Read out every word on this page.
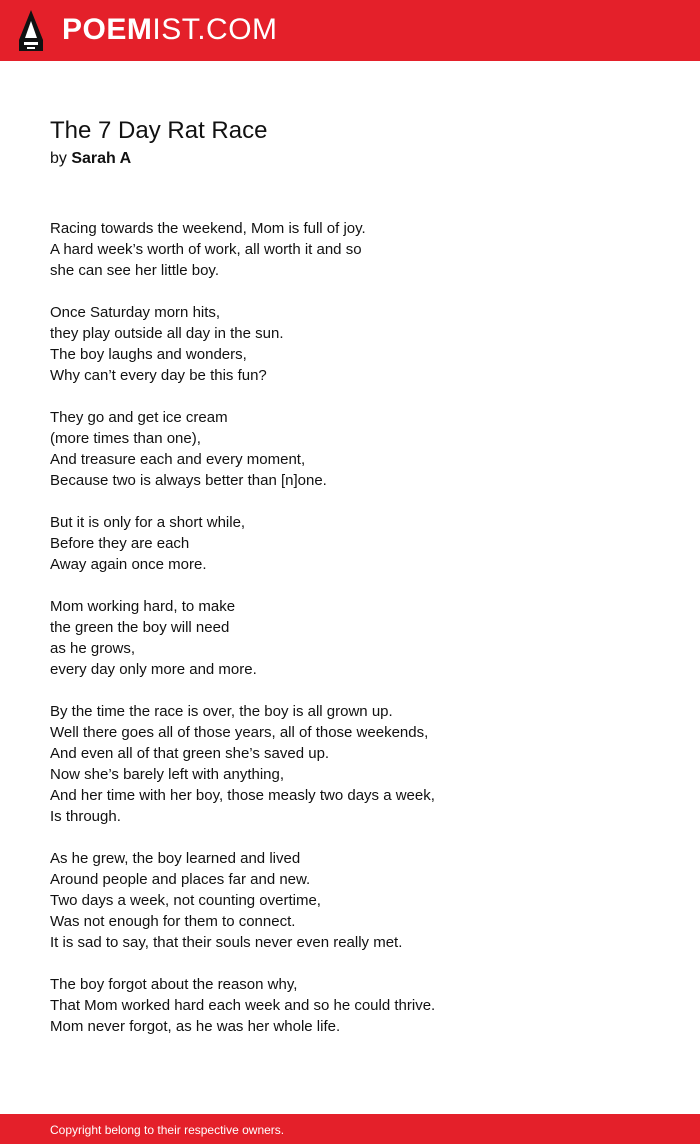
POEMIST.COM
The 7 Day Rat Race
by Sarah A
Racing towards the weekend, Mom is full of joy.
A hard week’s worth of work, all worth it and so
she can see her little boy.
Once Saturday morn hits,
they play outside all day in the sun.
The boy laughs and wonders,
Why can’t every day be this fun?
They go and get ice cream
(more times than one),
And treasure each and every moment,
Because two is always better than [n]one.
But it is only for a short while,
Before they are each
Away again once more.
Mom working hard, to make
the green the boy will need
as he grows,
every day only more and more.
By the time the race is over, the boy is all grown up.
Well there goes all of those years, all of those weekends,
And even all of that green she’s saved up.
Now she’s barely left with anything,
And her time with her boy, those measly two days a week,
Is through.
As he grew, the boy learned and lived
Around people and places far and new.
Two days a week, not counting overtime,
Was not enough for them to connect.
It is sad to say, that their souls never even really met.
The boy forgot about the reason why,
That Mom worked hard each week and so he could thrive.
Mom never forgot, as he was her whole life.
Copyright belong to their respective owners.
